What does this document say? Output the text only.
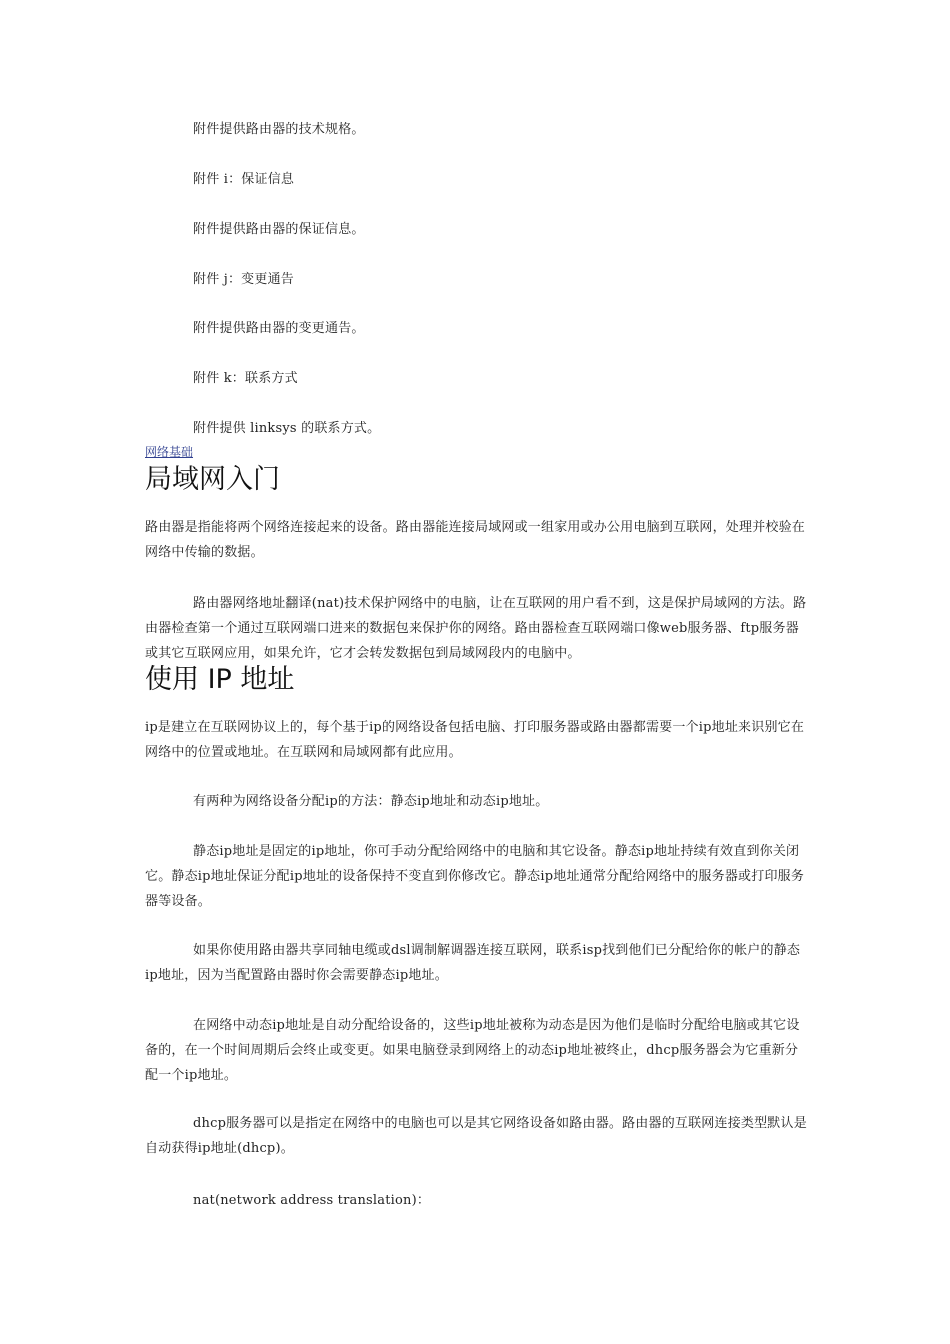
附件提供路由器的技术规格。

附件 i：保证信息

附件提供路由器的保证信息。

附件 j：变更通告

附件提供路由器的变更通告。

附件 k：联系方式

附件提供 linksys 的联系方式。

网络基础
局域网入门

路由器是指能将两个网络连接起来的设备。路由器能连接局域网或一组家用或办公用电脑到互联网，处理并校验在网络中传输的数据。

路由器网络地址翻译(nat)技术保护网络中的电脑，让在互联网的用户看不到，这是保护局域网的方法。路由器检查第一个通过互联网端口进来的数据包来保护你的网络。路由器检查互联网端口像web服务器、ftp服务器或其它互联网应用，如果允许，它才会转发数据包到局域网段内的电脑中。

使用 IP 地址

ip是建立在互联网协议上的，每个基于ip的网络设备包括电脑、打印服务器或路由器都需要一个ip地址来识别它在网络中的位置或地址。在互联网和局域网都有此应用。

有两种为网络设备分配ip的方法：静态ip地址和动态ip地址。

静态ip地址是固定的ip地址，你可手动分配给网络中的电脑和其它设备。静态ip地址持续有效直到你关闭它。静态ip地址保证分配ip地址的设备保持不变直到你修改它。静态ip地址通常分配给网络中的服务器或打印服务器等设备。

如果你使用路由器共享同轴电缆或dsl调制解调器连接互联网，联系isp找到他们已分配给你的帐户的静态ip地址，因为当配置路由器时你会需要静态ip地址。

在网络中动态ip地址是自动分配给设备的，这些ip地址被称为动态是因为他们是临时分配给电脑或其它设备的，在一个时间周期后会终止或变更。如果电脑登录到网络上的动态ip地址被终止，dhcp服务器会为它重新分配一个ip地址。

dhcp服务器可以是指定在网络中的电脑也可以是其它网络设备如路由器。路由器的互联网连接类型默认是自动获得ip地址(dhcp)。

nat(network address translation)：
